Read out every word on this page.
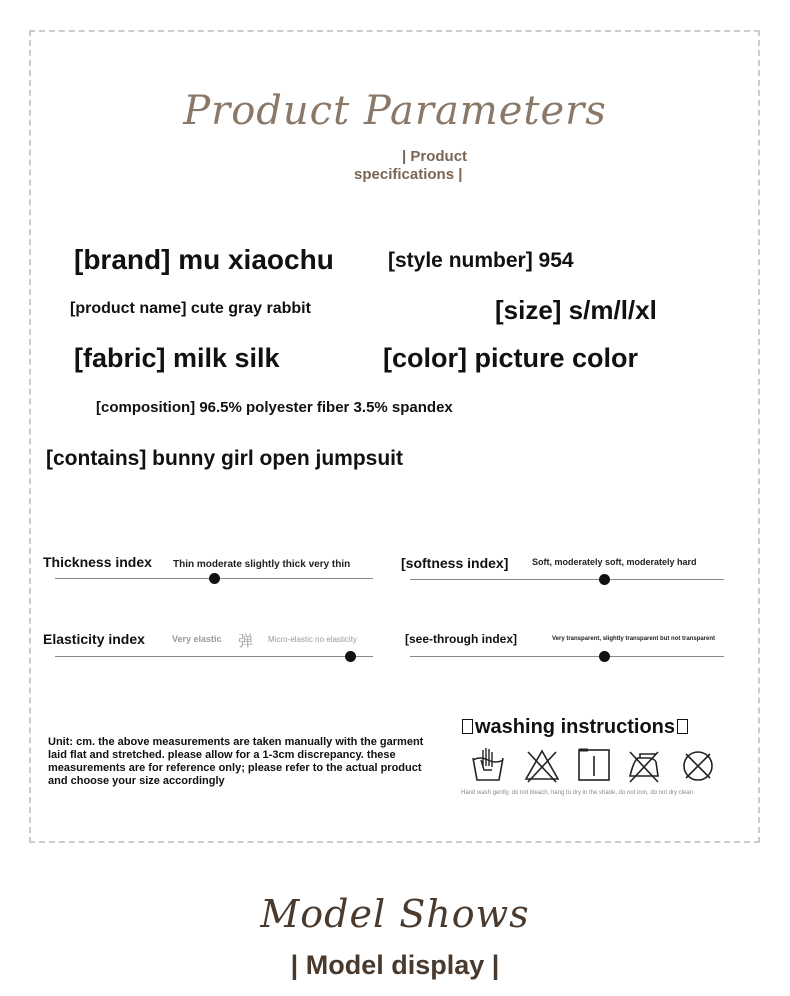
Product Parameters
| Product
specifications |
[brand] mu xiaochu	[style number] 954
[product name] cute gray rabbit	[size] s/m/l/xl
[fabric] milk silk	[color] picture color
[composition] 96.5% polyester fiber 3.5% spandex
[contains] bunny girl open jumpsuit
Thickness index Thin moderate slightly thick very thin	[softness index]	Soft, moderately soft, moderately hard
Elasticity index	Very elastic 弹 Micro-elastic no elasticity	[see-through index]	Very transparent, slightly transparent but not transparent
Unit: cm. the above measurements are taken manually with the garment laid flat and stretched. please allow for a 1-3cm discrepancy. these measurements are for reference only; please refer to the actual product and choose your size accordingly
washing instructions
Hand wash gently, do not bleach, hang to dry in the shade, do not iron, do not dry clean
Model Shows
| Model display |
